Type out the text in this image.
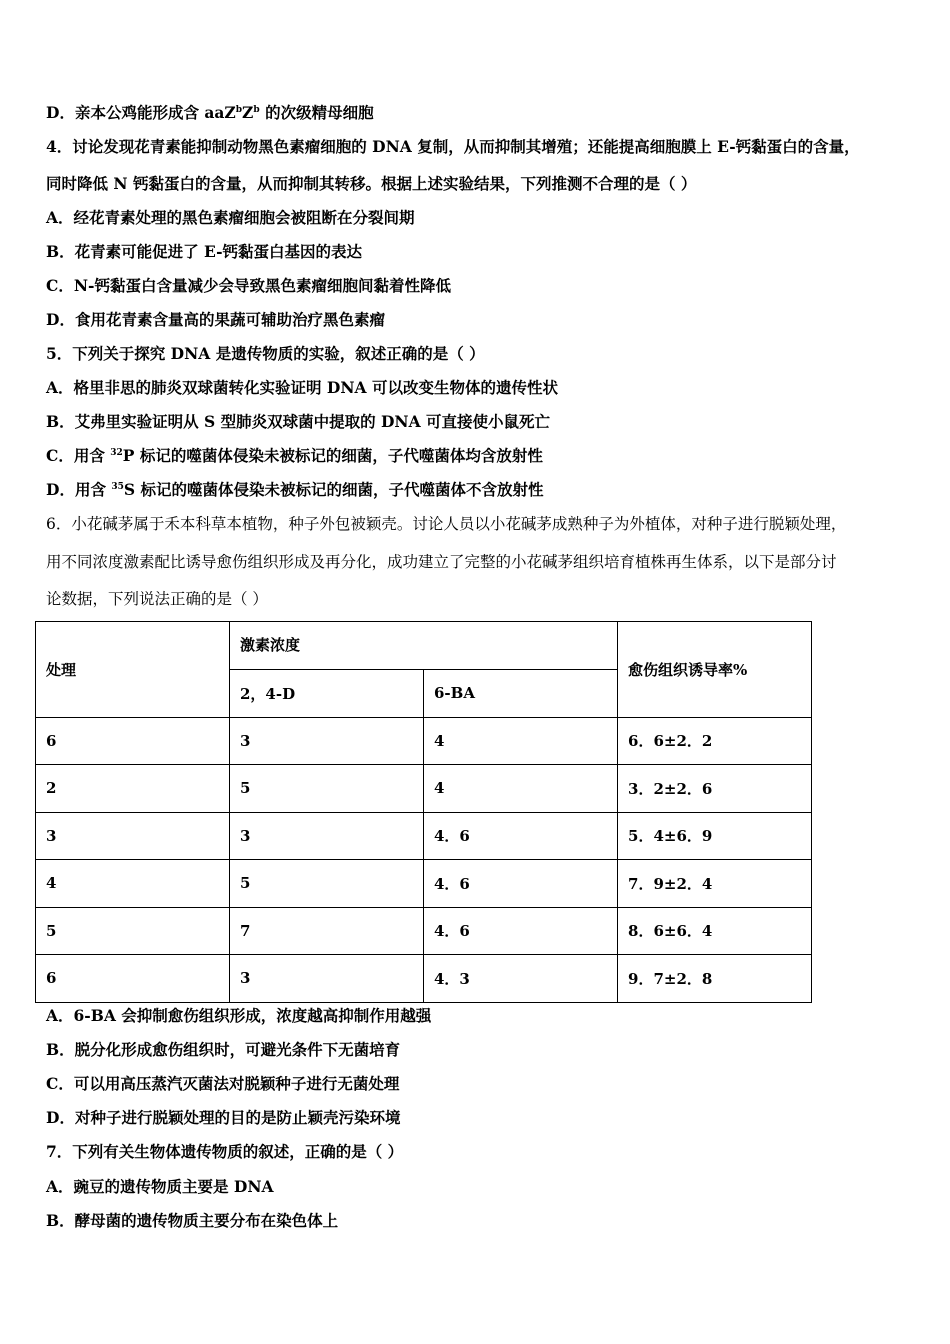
D．亲本公鸡能形成含 $aaZ^bZ^b$ 的次级精母细胞
4．讨论发现花青素能抑制动物黑色素瘤细胞的 DNA 复制，从而抑制其增殖；还能提高细胞膜上 E-钙黏蛋白的含量，
同时降低 N 钙黏蛋白的含量，从而抑制其转移。根据上述实验结果，下列推测不合理的是（ ）
A．经花青素处理的黑色素瘤细胞会被阻断在分裂间期
B．花青素可能促进了 E-钙黏蛋白基因的表达
C．N-钙黏蛋白含量减少会导致黑色素瘤细胞间黏着性降低
D．食用花青素含量高的果蔬可辅助治疗黑色素瘤
5．下列关于探究 DNA 是遗传物质的实验，叙述正确的是（ ）
A．格里非思的肺炎双球菌转化实验证明 DNA 可以改变生物体的遗传性状
B．艾弗里实验证明从 S 型肺炎双球菌中提取的 DNA 可直接使小鼠死亡
C．用含 $^{32}$P 标记的噬菌体侵染未被标记的细菌，子代噬菌体均含放射性
D．用含 $^{35}$S 标记的噬菌体侵染未被标记的细菌，子代噬菌体不含放射性
6．小花碱茅属于禾本科草本植物，种子外包被颖壳。讨论人员以小花碱茅成熟种子为外植体，对种子进行脱颖处理，
用不同浓度激素配比诱导愈伤组织形成及再分化，成功建立了完整的小花碱茅组织培育植株再生体系，以下是部分讨
论数据，下列说法正确的是（ ）
处理	激素浓度		愈伤组织诱导率%
	2，4-D	6-BA	
6	3	4	6．6±2．2
2	5	4	3．2±2．6
3	3	4．6	5．4±6．9
4	5	4．6	7．9±2．4
5	7	4．6	8．6±6．4
6	3	4．3	9．7±2．8
A．6-BA 会抑制愈伤组织形成，浓度越高抑制作用越强
B．脱分化形成愈伤组织时，可避光条件下无菌培育
C．可以用高压蒸汽灭菌法对脱颖种子进行无菌处理
D．对种子进行脱颖处理的目的是防止颖壳污染环境
7．下列有关生物体遗传物质的叙述，正确的是（ ）
A．豌豆的遗传物质主要是 DNA
B．酵母菌的遗传物质主要分布在染色体上
